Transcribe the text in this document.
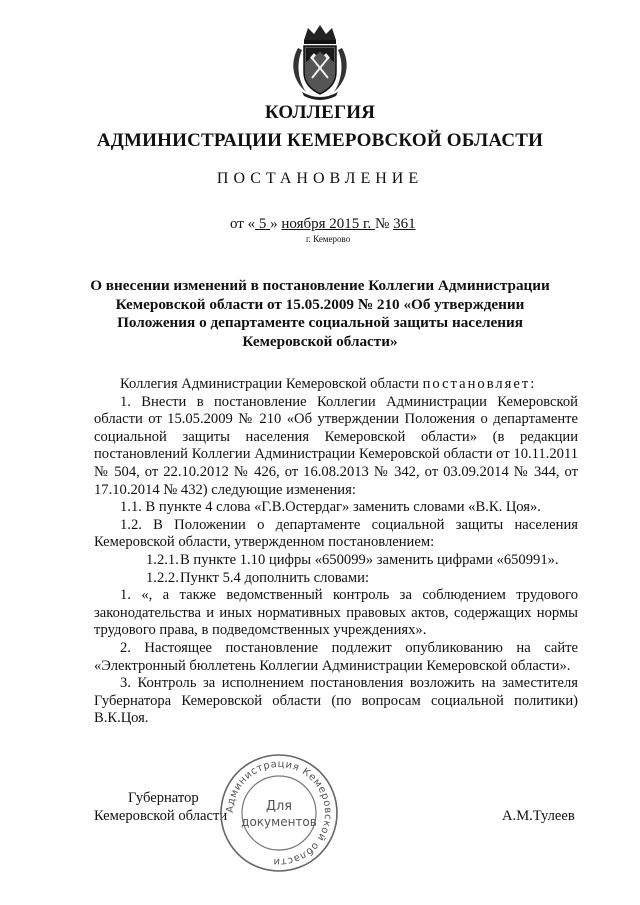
КОЛЛЕГИЯ
АДМИНИСТРАЦИИ КЕМЕРОВСКОЙ ОБЛАСТИ
ПОСТАНОВЛЕНИЕ
от « 5 » ноября 2015 г. № 361
г. Кемерово
О внесении изменений в постановление Коллегии Администрации Кемеровской области от 15.05.2009 № 210 «Об утверждении Положения о департаменте социальной защиты населения Кемеровской области»

Коллегия Администрации Кемеровской области постановляет:

1. Внести в постановление Коллегии Администрации Кемеровской области от 15.05.2009 № 210 «Об утверждении Положения о департаменте социальной защиты населения Кемеровской области» (в редакции постановлений Коллегии Администрации Кемеровской области от 10.11.2011 № 504, от 22.10.2012 № 426, от 16.08.2013 № 342, от 03.09.2014 № 344, от 17.10.2014 № 432) следующие изменения:

1.1. В пункте 4 слова «Г.В.Остердаг» заменить словами «В.К. Цоя».

1.2. В Положении о департаменте социальной защиты населения Кемеровской области, утвержденном постановлением:

1.2.1.В пункте 1.10 цифры «650099» заменить цифрами «650991».

1.2.2.Пункт 5.4 дополнить словами:

1. «, а также ведомственный контроль за соблюдением трудового законодательства и иных нормативных правовых актов, содержащих нормы трудового права, в подведомственных учреждениях».

2. Настоящее постановление подлежит опубликованию на сайте «Электронный бюллетень Коллегии Администрации Кемеровской области».

3. Контроль за исполнением постановления возложить на заместителя Губернатора Кемеровской области (по вопросам социальной политики) В.К.Цоя.

Губернатор
Кемеровской области	А.М.Тулеев
Администрация Кемеровской области
Для
документов
